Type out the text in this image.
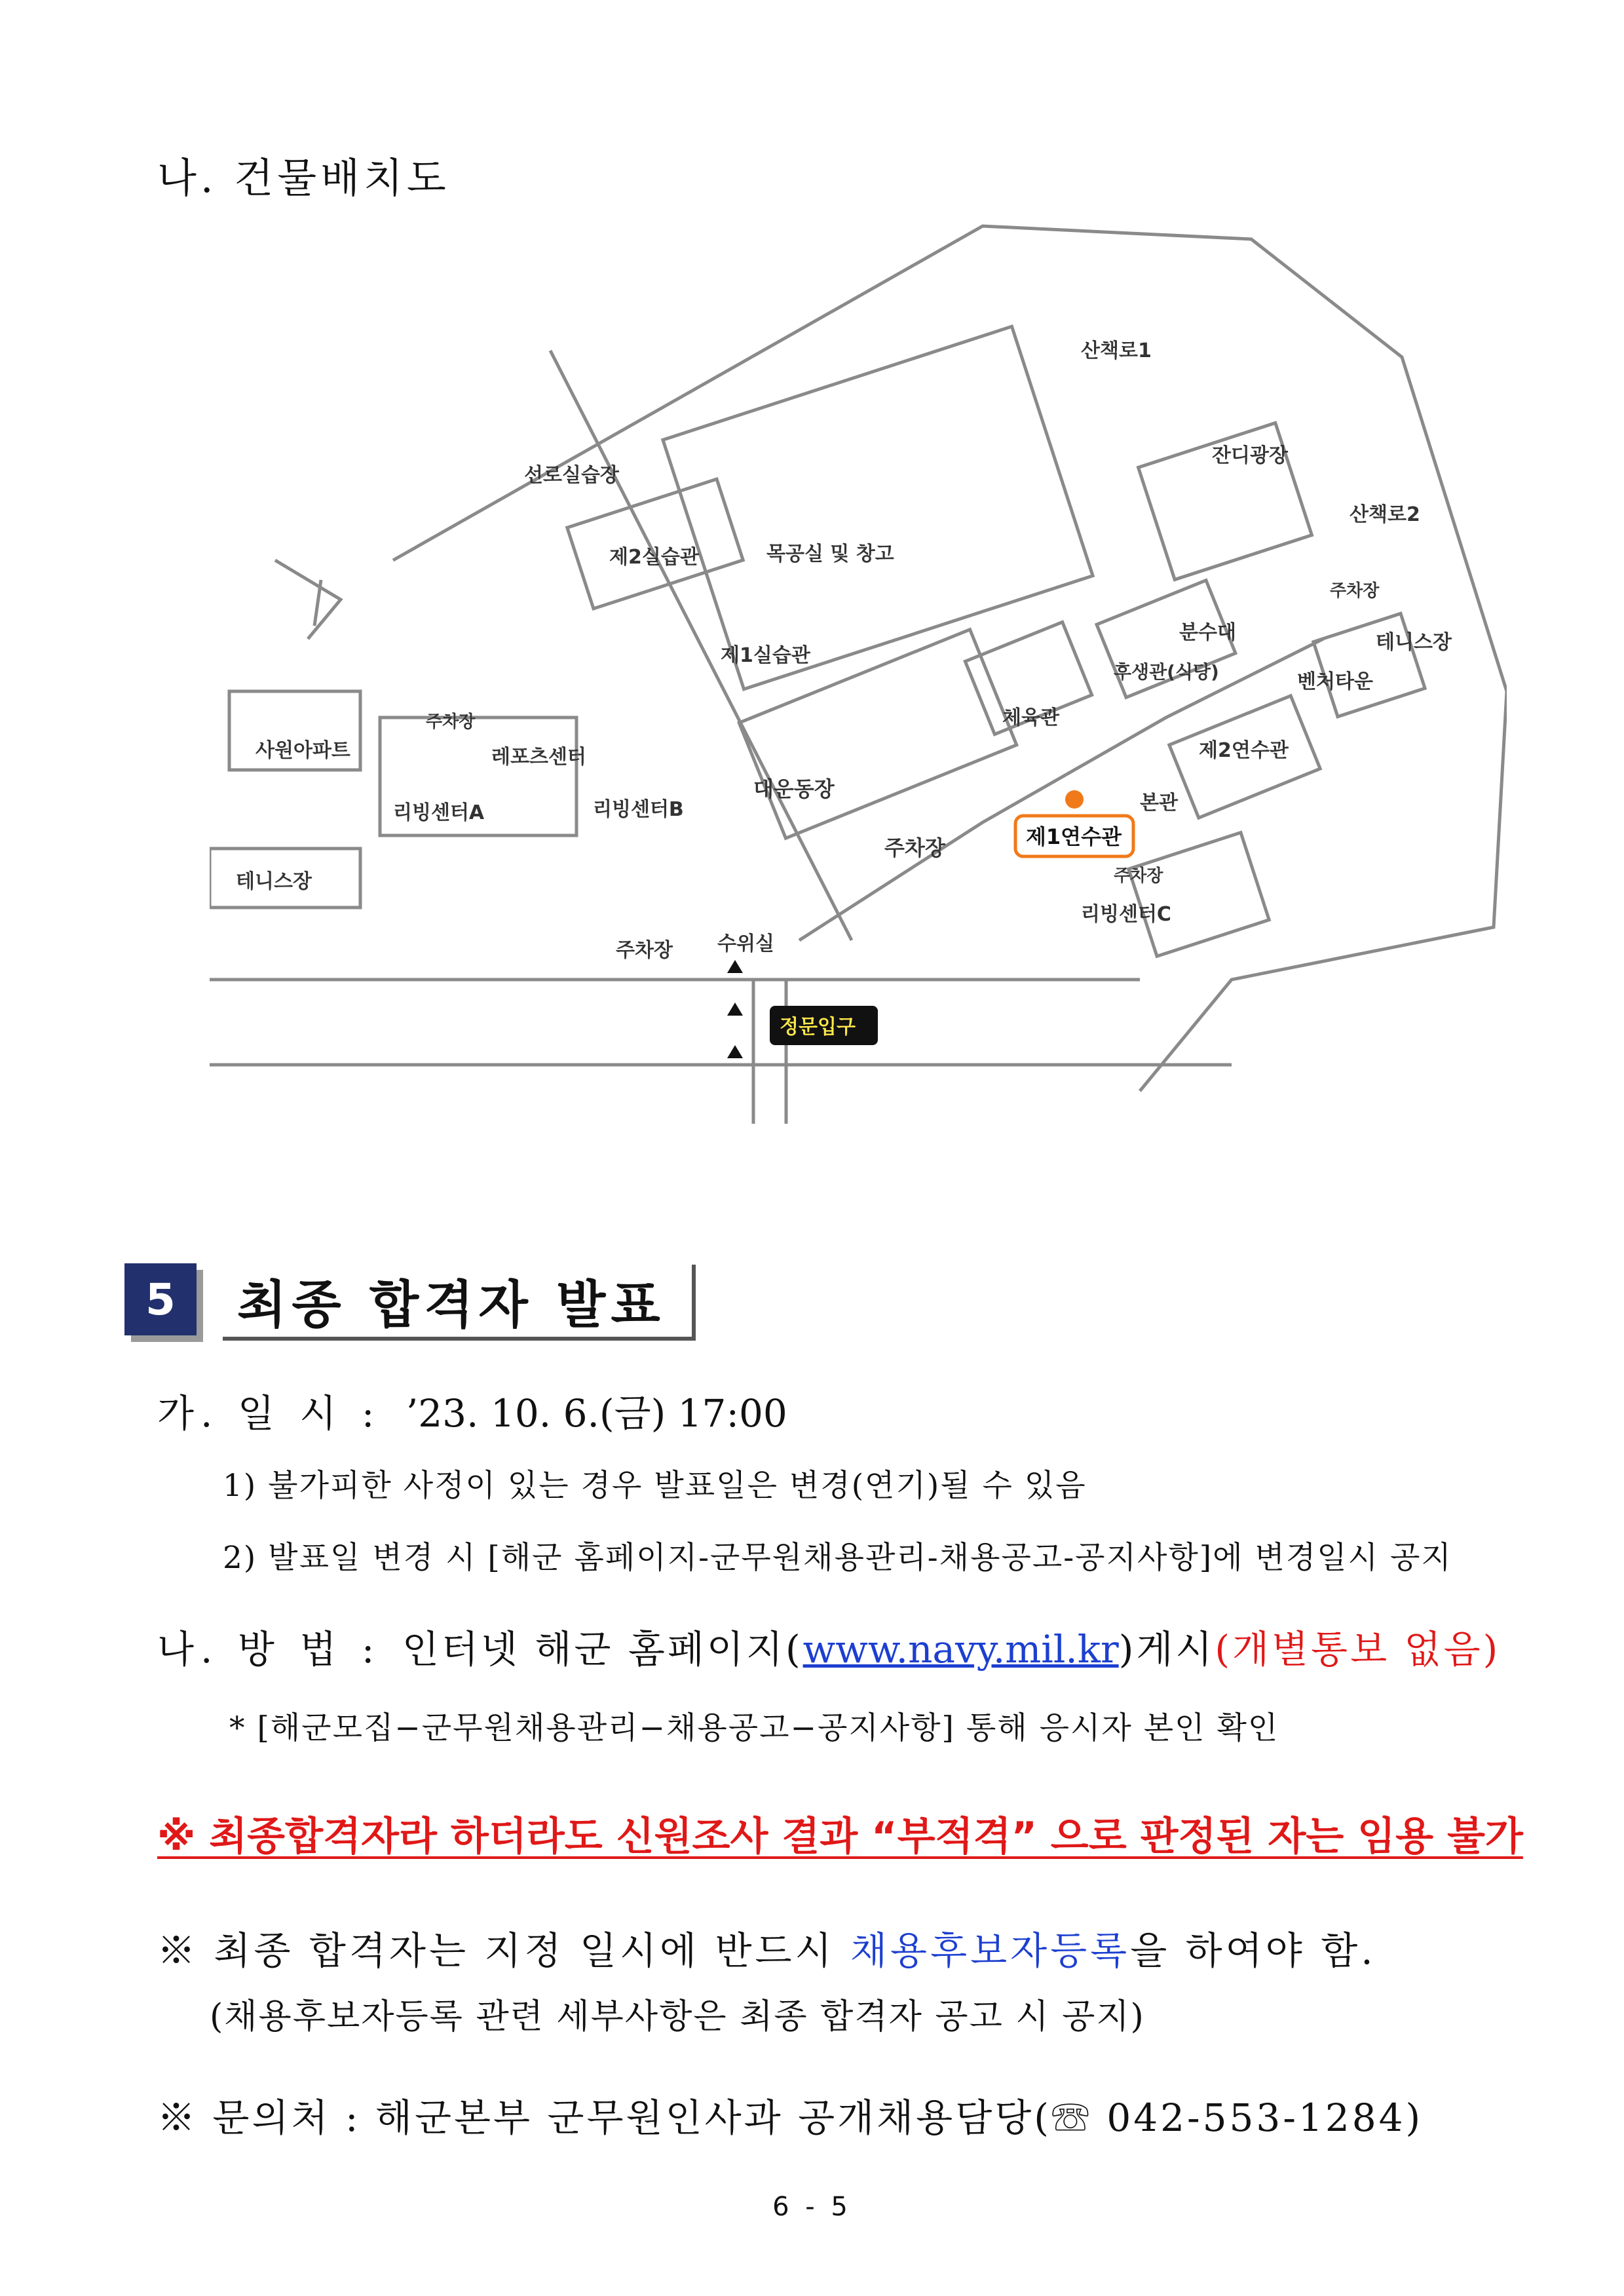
나. 건물배치도
산책로1
잔디광장
산책로2
선로실습장
제2실습관	목공실 및 창고
주차장
제1실습관
분수대	테니스장
후생관(식당)	벤처타운
체육관
제2연수관
주차장
사원아파트	레포츠센터
대운동장
리빙센터A	리빙센터B	본관
제1연수관
주차장
주차장
리빙센터C
테니스장
주차장 수위실
정문입구
5	최종 합격자 발표
가. 일 시 : ’23. 10. 6.(금) 17:00
1) 불가피한 사정이 있는 경우 발표일은 변경(연기)될 수 있음
2) 발표일 변경 시 [해군 홈페이지-군무원채용관리-채용공고-공지사항]에 변경일시 공지
나. 방 법 : 인터넷 해군 홈페이지(www.navy.mil.kr)게시(개별통보 없음)
* [해군모집−군무원채용관리−채용공고−공지사항] 통해 응시자 본인 확인
※ 최종합격자라 하더라도 신원조사 결과 “부적격” 으로 판정된 자는 임용 불가
※ 최종 합격자는 지정 일시에 반드시 채용후보자등록을 하여야 함.
(채용후보자등록 관련 세부사항은 최종 합격자 공고 시 공지)
※ 문의처 : 해군본부 군무원인사과 공개채용담당(☏ 042-553-1284)
6 - 5
